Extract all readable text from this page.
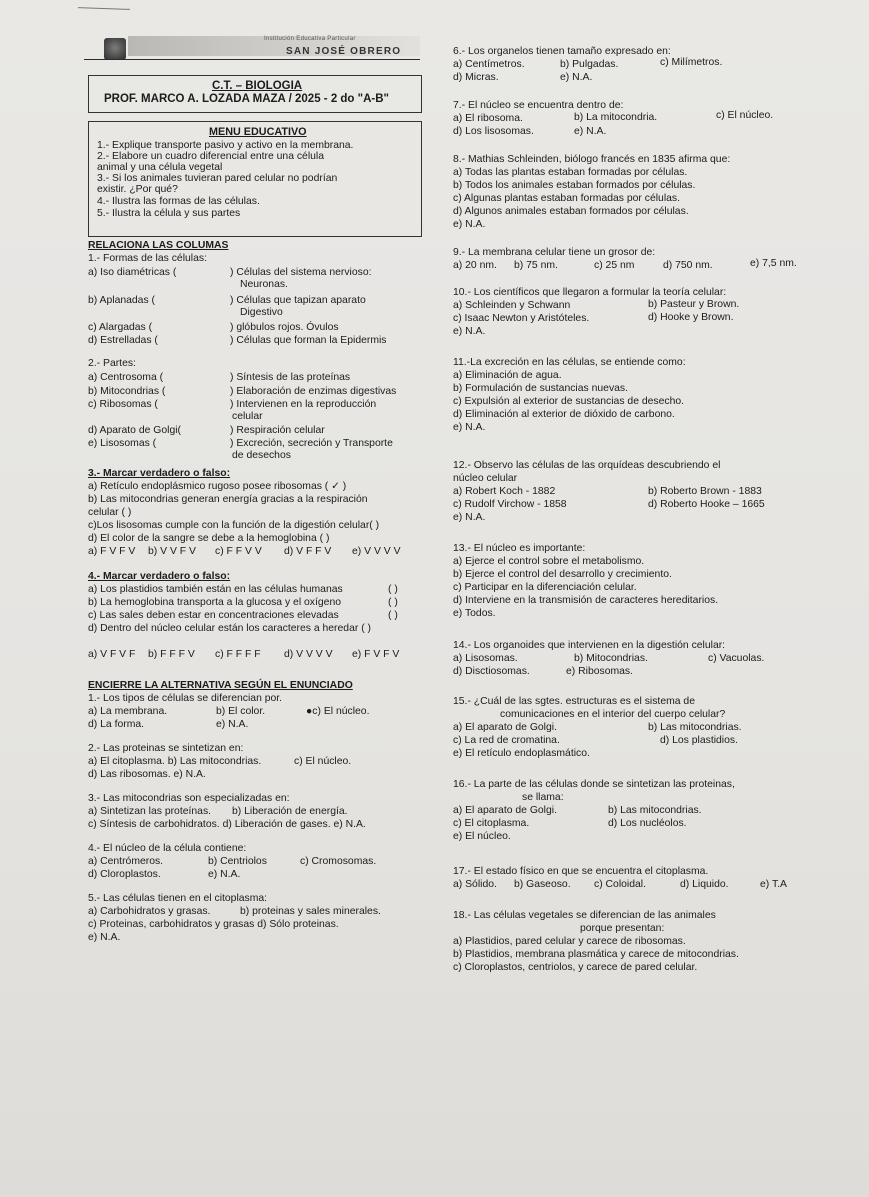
Institución Educativa Particular
SAN JOSÉ OBRERO
C.T. – BIOLOGIA
PROF. MARCO A. LOZADA MAZA / 2025 - 2 do "A-B"
MENU EDUCATIVO
1.- Explique transporte pasivo y activo en la membrana.
2.- Elabore un cuadro diferencial entre una célula
animal y una célula vegetal
3.- Si los animales tuvieran pared celular no podrían
existir. ¿Por qué?
4.- Ilustra las formas de las células.
5.- Ilustra la célula y sus partes
RELACIONA LAS COLUMAS
1.- Formas de las células:
a) Iso diamétricas (	) Células del sistema nervioso:
Neuronas.
b) Aplanadas (	) Células que tapizan aparato
Digestivo
c) Alargadas (	) glóbulos rojos. Óvulos
d) Estrelladas (	) Células que forman la Epidermis
2.- Partes:
a) Centrosoma (	) Síntesis de las proteínas
b) Mitocondrias (	) Elaboración de enzimas digestivas
c) Ribosomas (	) Intervienen en la reproducción
celular
d) Aparato de Golgi(	) Respiración celular
e) Lisosomas (	) Excreción, secreción y Transporte
de desechos
3.- Marcar verdadero o falso:
a) Retículo endoplásmico rugoso posee ribosomas ( ✓ )
b) Las mitocondrias generan energía gracias a la respiración
celular ( )
c)Los lisosomas cumple con la función de la digestión celular( )
d) El color de la sangre se debe a la hemoglobina ( )
a) F V F V b) V V F V c) F F V V d) V F F V e) V V V V
4.- Marcar verdadero o falso:
a) Los plastidios también están en las células humanas	( )
b) La hemoglobina transporta a la glucosa y el oxígeno	( )
c) Las sales deben estar en concentraciones elevadas	( )
d) Dentro del núcleo celular están los caracteres a heredar ( )
a) V F V F b) F F F V c) F F F F d) V V V V e) F V F V
ENCIERRE LA ALTERNATIVA SEGÚN EL ENUNCIADO
1.- Los tipos de células se diferencian por.
a) La membrana.	b) El color.	●c) El núcleo.
d) La forma.	e) N.A.
2.- Las proteinas se sintetizan en:
a) El citoplasma. b) Las mitocondrias.	c) El núcleo.
d) Las ribosomas. e) N.A.
3.- Las mitocondrias son especializadas en:
a) Sintetizan las proteínas. b) Liberación de energía.
c) Síntesis de carbohidratos. d) Liberación de gases. e) N.A.
4.- El núcleo de la célula contiene:
a) Centrómeros.	b) Centriolos	c) Cromosomas.
d) Cloroplastos.	e) N.A.
5.- Las células tienen en el citoplasma:
a) Carbohidratos y grasas.	b) proteinas y sales minerales.
c) Proteinas, carbohidratos y grasas d) Sólo proteinas.
e) N.A.
6.- Los organelos tienen tamaño expresado en:
a) Centímetros.	b) Pulgadas.	c) Milímetros.
d) Micras.	e) N.A.
7.- El núcleo se encuentra dentro de:
a) El ribosoma.	b) La mitocondria.	c) El núcleo.
d) Los lisosomas.	e) N.A.
8.- Mathias Schleinden, biólogo francés en 1835 afirma que:
a) Todas las plantas estaban formadas por células.
b) Todos los animales estaban formados por células.
c) Algunas plantas estaban formadas por células.
d) Algunos animales estaban formados por células.
e) N.A.
9.- La membrana celular tiene un grosor de:
a) 20 nm. b) 75 nm.	c) 25 nm	d) 750 nm.	e) 7,5 nm.
10.- Los científicos que llegaron a formular la teoría celular:
a) Schleinden y Schwann	b) Pasteur y Brown.
c) Isaac Newton y Aristóteles.	d) Hooke y Brown.
e) N.A.
11.-La excreción en las células, se entiende como:
a) Eliminación de agua.
b) Formulación de sustancias nuevas.
c) Expulsión al exterior de sustancias de desecho.
d) Eliminación al exterior de dióxido de carbono.
e) N.A.
12.- Observo las células de las orquídeas descubriendo el
núcleo celular
a) Robert Koch - 1882	b) Roberto Brown - 1883
c) Rudolf Virchow - 1858	d) Roberto Hooke – 1665
e) N.A.
13.- El núcleo es importante:
a) Ejerce el control sobre el metabolismo.
b) Ejerce el control del desarrollo y crecimiento.
c) Participar en la diferenciación celular.
d) Interviene en la transmisión de caracteres hereditarios.
e) Todos.
14.- Los organoides que intervienen en la digestión celular:
a) Lisosomas.	b) Mitocondrias.	c) Vacuolas.
d) Disctiosomas.	e) Ribosomas.
15.- ¿Cuál de las sgtes. estructuras es el sistema de
comunicaciones en el interior del cuerpo celular?
a) El aparato de Golgi.	b) Las mitocondrias.
c) La red de cromatina.	d) Los plastidios.
e) El retículo endoplasmático.
16.- La parte de las células donde se sintetizan las proteinas,
se llama:
a) El aparato de Golgi.	b) Las mitocondrias.
c) El citoplasma.	d) Los nucléolos.
e) El núcleo.
17.- El estado físico en que se encuentra el citoplasma.
a) Sólido. b) Gaseoso. c) Coloidal.	d) Liquido.	e) T.A
18.- Las células vegetales se diferencian de las animales
porque presentan:
a) Plastidios, pared celular y carece de ribosomas.
b) Plastidios, membrana plasmática y carece de mitocondrias.
c) Cloroplastos, centriolos, y carece de pared celular.
